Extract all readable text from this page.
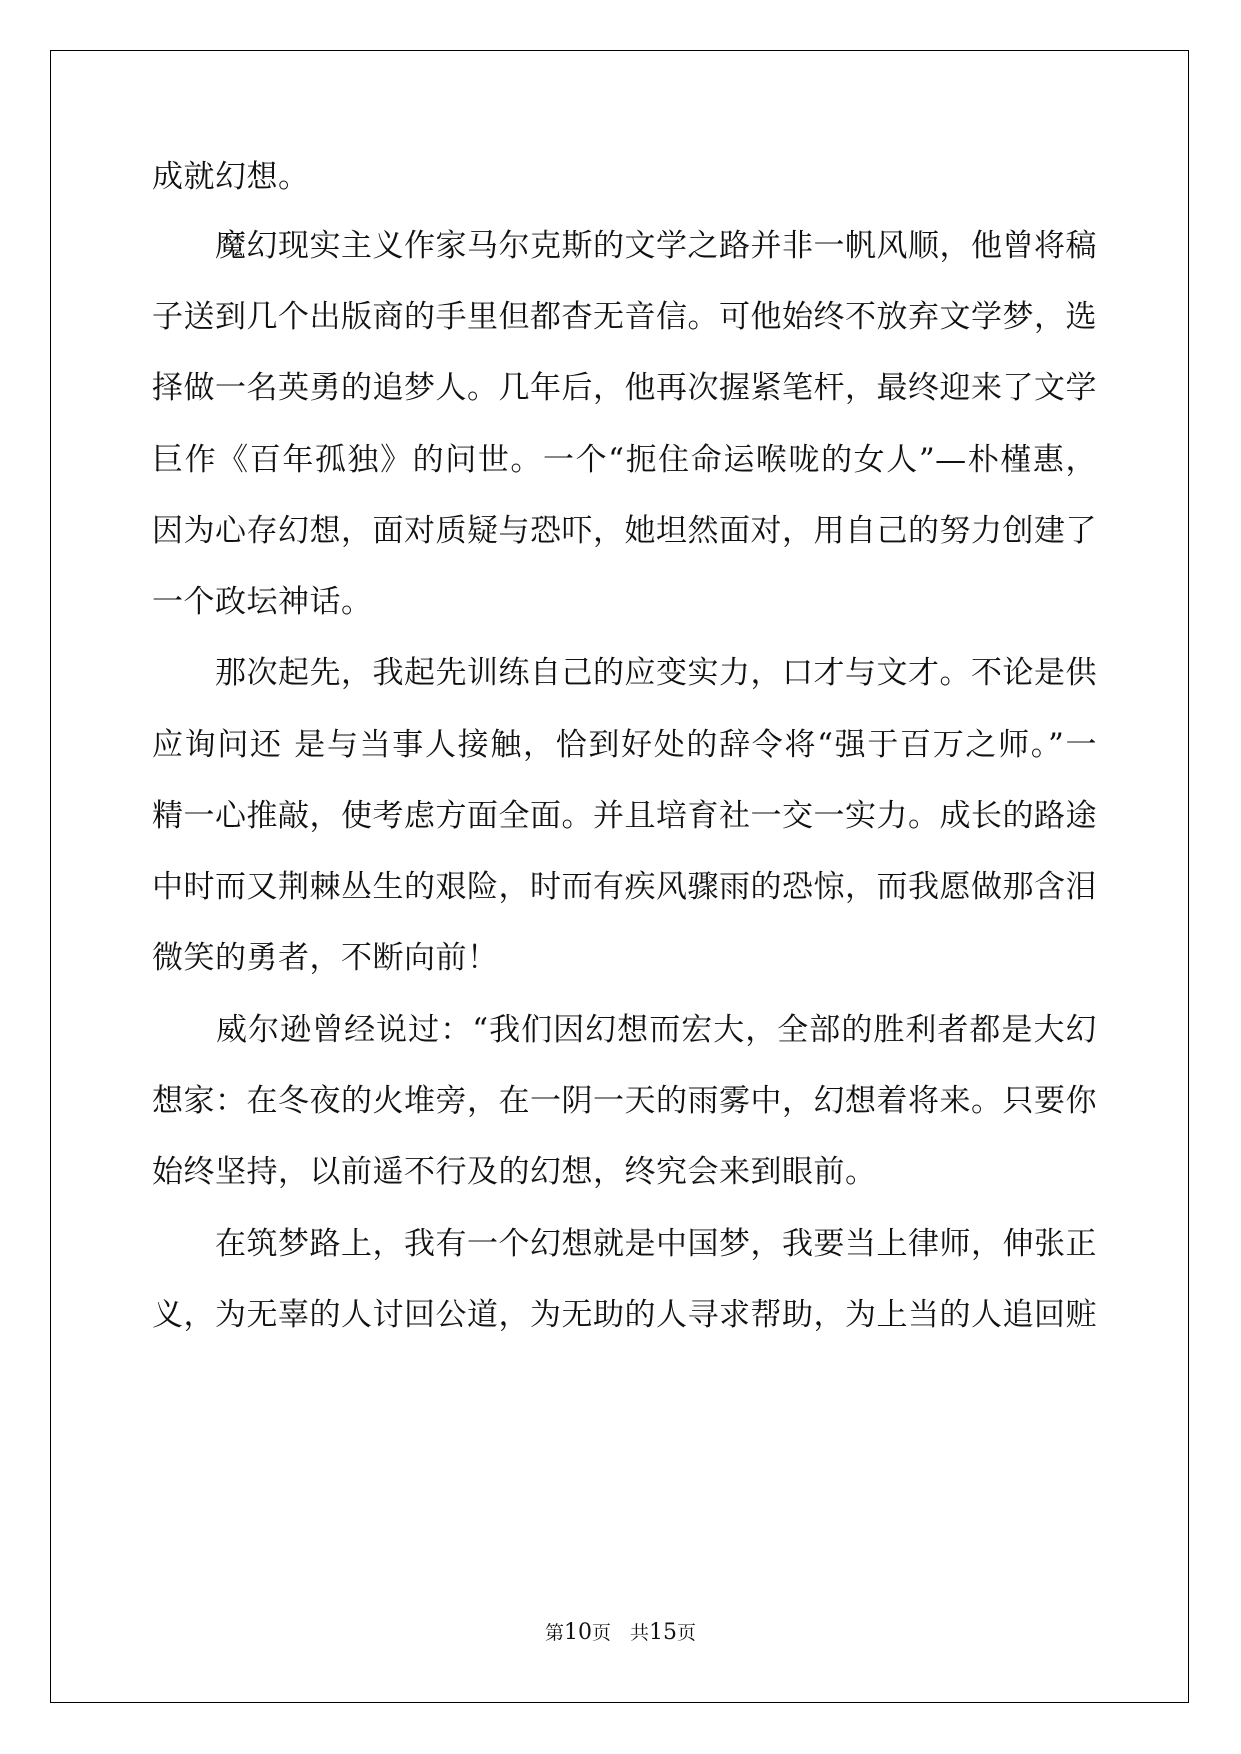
成就幻想。

　　魔幻现实主义作家马尔克斯的文学之路并非一帆风顺，他曾将稿

子送到几个出版商的手里但都杳无音信。可他始终不放弃文学梦，选

择做一名英勇的追梦人。几年后，他再次握紧笔杆，最终迎来了文学

巨作《百年孤独》的问世。一个“扼住命运喉咙的女人”—朴槿惠，

因为心存幻想，面对质疑与恐吓，她坦然面对，用自己的努力创建了

一个政坛神话。

　　那次起先，我起先训练自己的应变实力，口才与文才。不论是供

应询问还 是与当事人接触，恰到好处的辞令将“强于百万之师。”一

精一心推敲，使考虑方面全面。并且培育社一交一实力。成长的路途

中时而又荆棘丛生的艰险，时而有疾风骤雨的恐惊，而我愿做那含泪

微笑的勇者，不断向前！

　　威尔逊曾经说过：“我们因幻想而宏大，全部的胜利者都是大幻

想家：在冬夜的火堆旁，在一阴一天的雨雾中，幻想着将来。只要你

始终坚持，以前遥不行及的幻想，终究会来到眼前。

　　在筑梦路上，我有一个幻想就是中国梦，我要当上律师，伸张正

义，为无辜的人讨回公道，为无助的人寻求帮助，为上当的人追回赃

第10页　共15页
